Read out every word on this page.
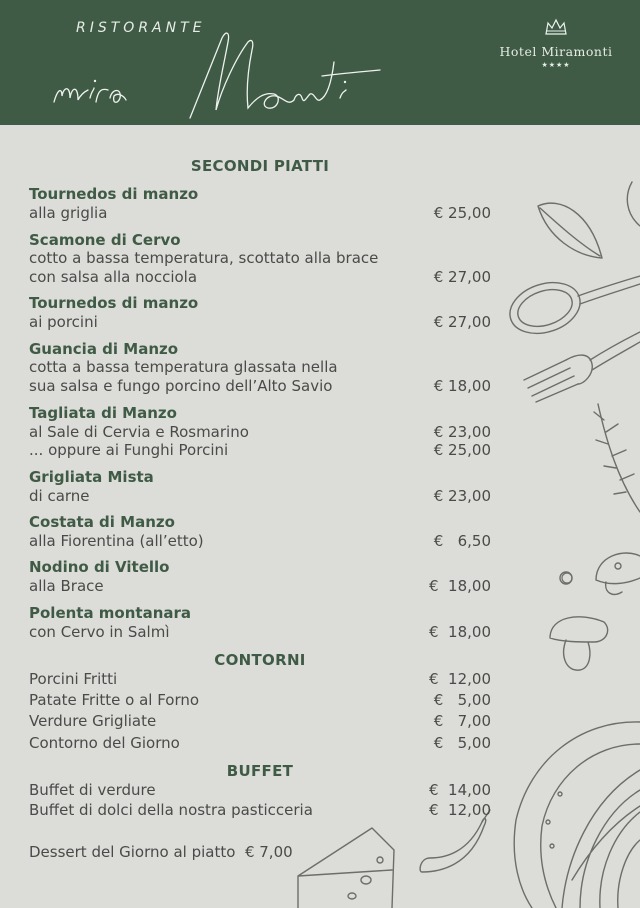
RISTORANTE
Hotel Miramonti
★★★★
SECONDI PIATTI
Tournedos di manzo
alla griglia	€ 25,00
Scamone di Cervo
cotto a bassa temperatura, scottato alla brace
con salsa alla nocciola	€ 27,00
Tournedos di manzo
ai porcini	€ 27,00
Guancia di Manzo
cotta a bassa temperatura glassata nella
sua salsa e fungo porcino dell’Alto Savio	€ 18,00
Tagliata di Manzo
al Sale di Cervia e Rosmarino	€ 23,00
... oppure ai Funghi Porcini	€ 25,00
Grigliata Mista
di carne	€ 23,00
Costata di Manzo
alla Fiorentina (all’etto)	€   6,50
Nodino di Vitello
alla Brace	€  18,00
Polenta montanara
con Cervo in Salmì	€  18,00
CONTORNI
Porcini Fritti	€  12,00
Patate Fritte o al Forno	€   5,00
Verdure Grigliate	€   7,00
Contorno del Giorno	€   5,00
BUFFET
Buffet di verdure	€  14,00
Buffet di dolci della nostra pasticceria	€  12,00
Dessert del Giorno al piatto  € 7,00
